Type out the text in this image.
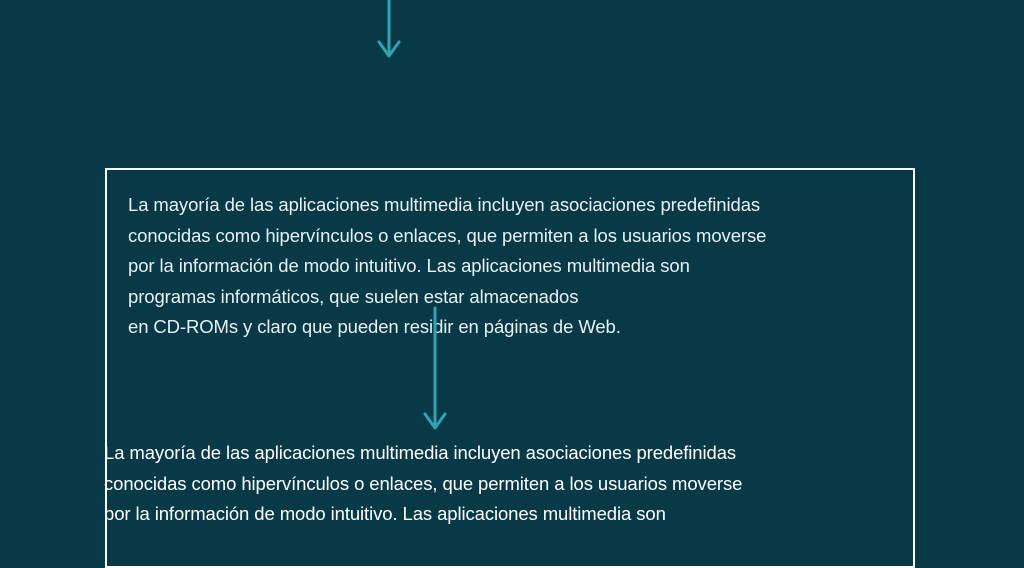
La mayoría de las aplicaciones multimedia incluyen asociaciones predefinidas
conocidas como hipervínculos o enlaces, que permiten a los usuarios moverse
por la información de modo intuitivo. Las aplicaciones multimedia son
programas informáticos, que suelen estar almacenados
en CD-ROMs y claro que pueden residir en páginas de Web.

La mayoría de las aplicaciones multimedia incluyen asociaciones predefinidas
conocidas como hipervínculos o enlaces, que permiten a los usuarios moverse
por la información de modo intuitivo. Las aplicaciones multimedia son
